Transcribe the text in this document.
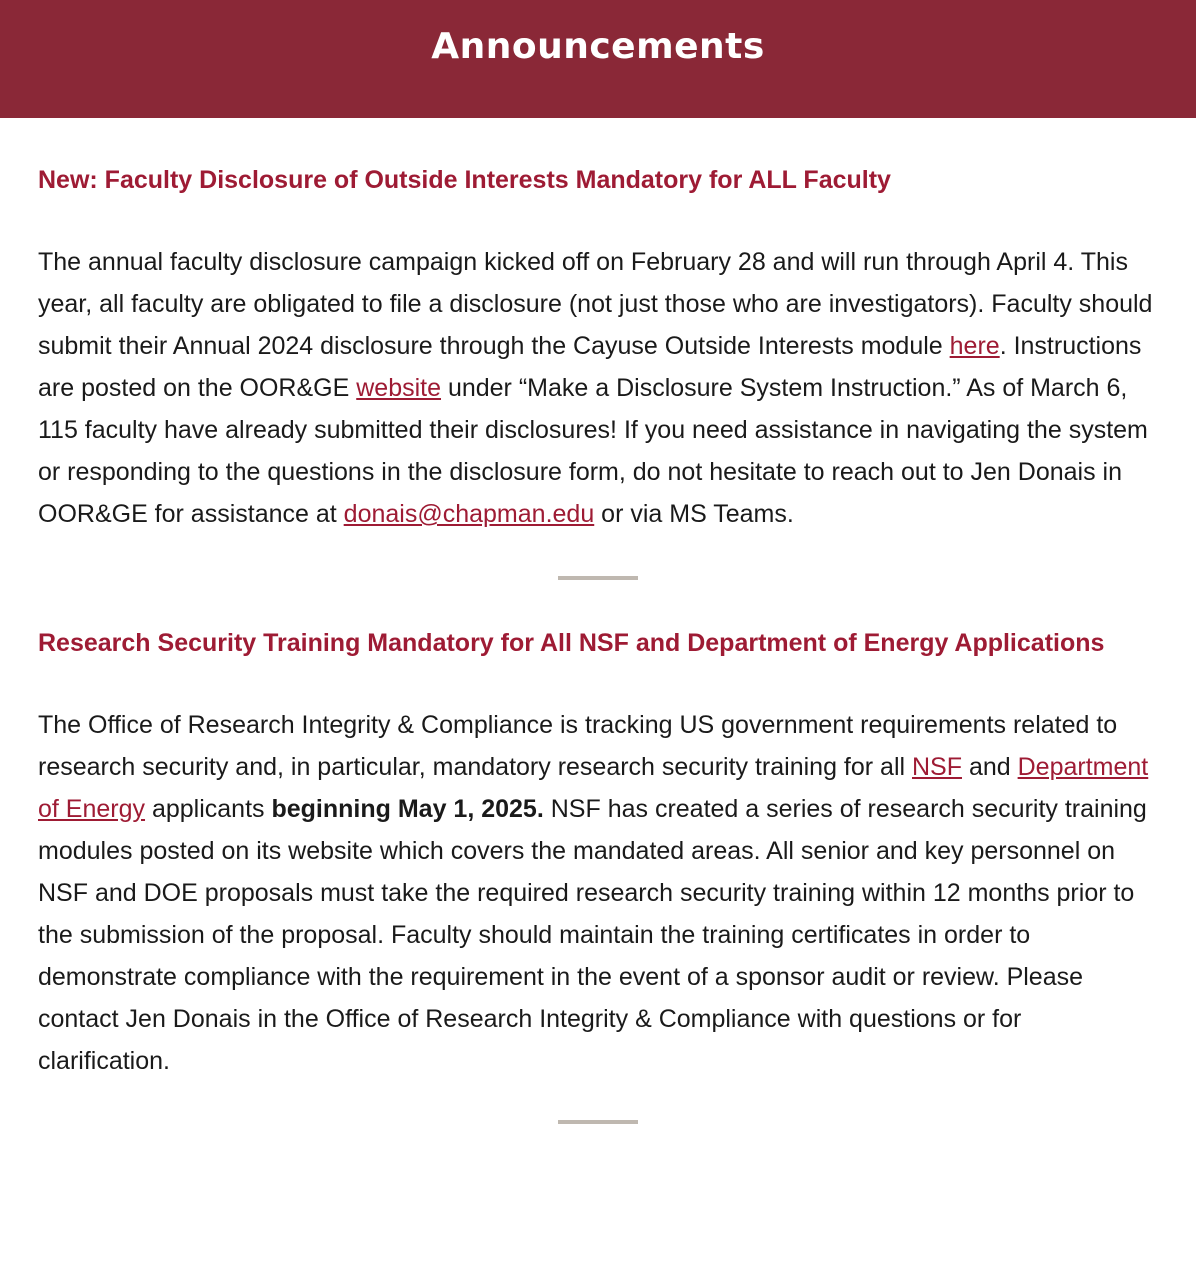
Announcements

New: Faculty Disclosure of Outside Interests Mandatory for ALL Faculty

The annual faculty disclosure campaign kicked off on February 28 and will run through April 4. This year, all faculty are obligated to file a disclosure (not just those who are investigators). Faculty should submit their Annual 2024 disclosure through the Cayuse Outside Interests module here. Instructions are posted on the OOR&GE website under “Make a Disclosure System Instruction.” As of March 6, 115 faculty have already submitted their disclosures! If you need assistance in navigating the system or responding to the questions in the disclosure form, do not hesitate to reach out to Jen Donais in OOR&GE for assistance at donais@chapman.edu or via MS Teams.

Research Security Training Mandatory for All NSF and Department of Energy Applications

The Office of Research Integrity & Compliance is tracking US government requirements related to research security and, in particular, mandatory research security training for all NSF and Department of Energy applicants beginning May 1, 2025. NSF has created a series of research security training modules posted on its website which covers the mandated areas. All senior and key personnel on NSF and DOE proposals must take the required research security training within 12 months prior to the submission of the proposal. Faculty should maintain the training certificates in order to demonstrate compliance with the requirement in the event of a sponsor audit or review. Please contact Jen Donais in the Office of Research Integrity & Compliance with questions or for clarification.
